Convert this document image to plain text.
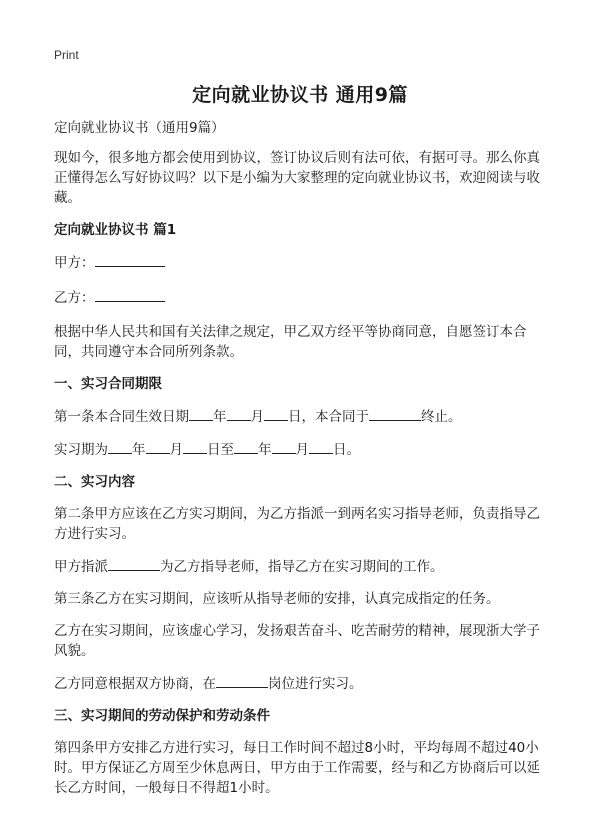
Print
定向就业协议书 通用9篇

定向就业协议书（通用9篇）

现如今，很多地方都会使用到协议，签订协议后则有法可依，有据可寻。那么你真正懂得怎么写好协议吗？以下是小编为大家整理的定向就业协议书，欢迎阅读与收藏。

定向就业协议书 篇1

甲方：

乙方：

根据中华人民共和国有关法律之规定，甲乙双方经平等协商同意，自愿签订本合同，共同遵守本合同所列条款。

一、实习合同期限

第一条本合同生效日期 年 月 日，本合同于	终止。

实习期为 年 月 日至 年 月 日。

二、实习内容

第二条甲方应该在乙方实习期间，为乙方指派一到两名实习指导老师，负责指导乙方进行实习。

甲方指派	为乙方指导老师，指导乙方在实习期间的工作。

第三条乙方在实习期间，应该听从指导老师的安排，认真完成指定的任务。

乙方在实习期间，应该虚心学习，发扬艰苦奋斗、吃苦耐劳的精神，展现浙大学子风貌。

乙方同意根据双方协商，在	岗位进行实习。

三、实习期间的劳动保护和劳动条件

第四条甲方安排乙方进行实习，每日工作时间不超过8小时，平均每周不超过40小时。甲方保证乙方周至少休息两日，甲方由于工作需要，经与和乙方协商后可以延长乙方时间，一般每日不得超1小时。
